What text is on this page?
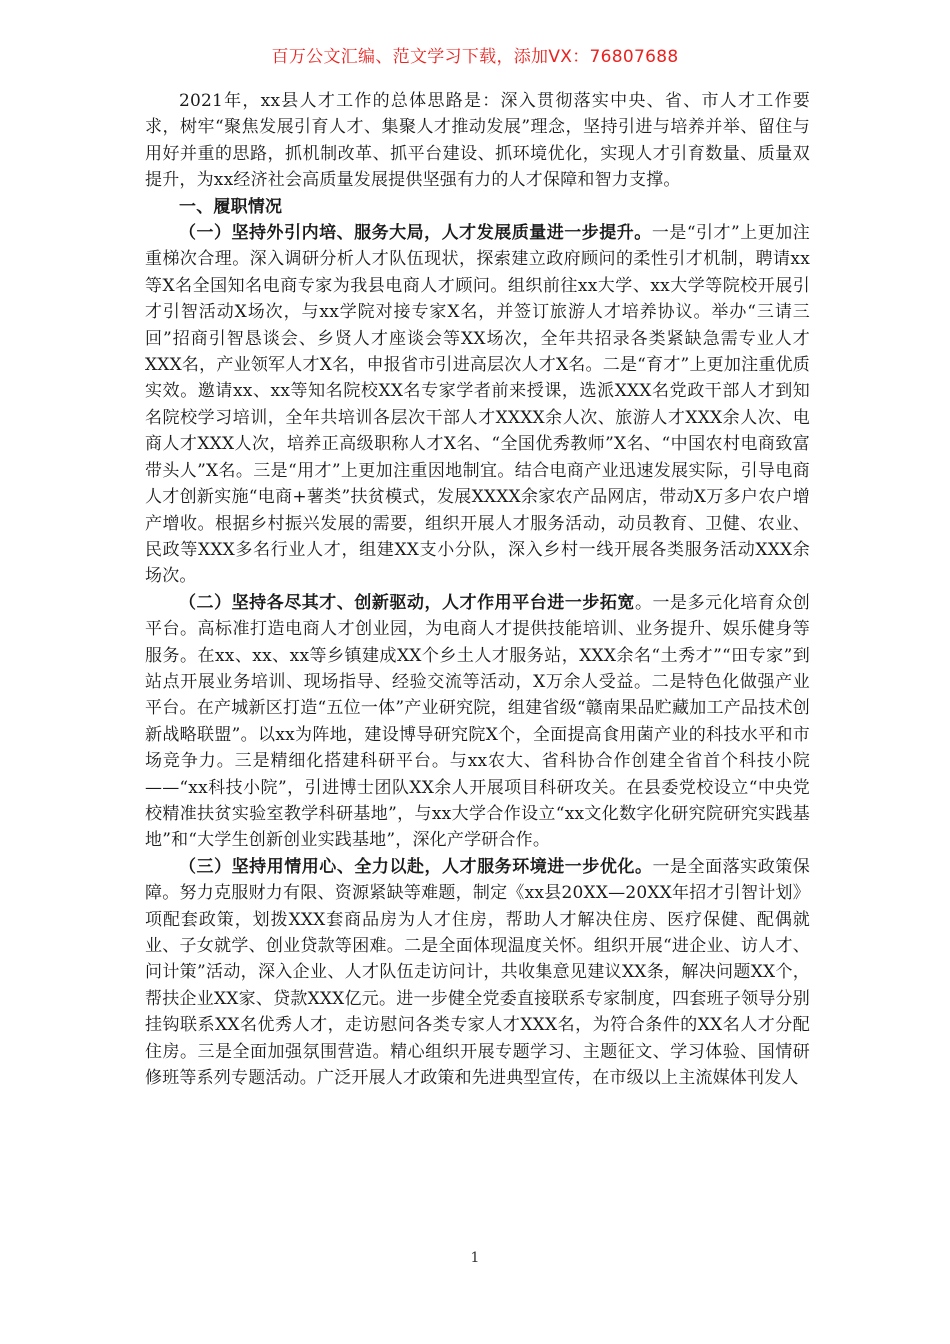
百万公文汇编、范文学习下载，添加VX：76807688

2021年，xx县人才工作的总体思路是：深入贯彻落实中央、省、市人才工作要求，树牢“聚焦发展引育人才、集聚人才推动发展”理念，坚持引进与培养并举、留住与用好并重的思路，抓机制改革、抓平台建设、抓环境优化，实现人才引育数量、质量双提升，为xx经济社会高质量发展提供坚强有力的人才保障和智力支撑。

一、履职情况

（一）坚持外引内培、服务大局，人才发展质量进一步提升。一是“引才”上更加注重梯次合理。深入调研分析人才队伍现状，探索建立政府顾问的柔性引才机制，聘请xx等X名全国知名电商专家为我县电商人才顾问。组织前往xx大学、xx大学等院校开展引才引智活动X场次，与xx学院对接专家X名，并签订旅游人才培养协议。举办“三请三回”招商引智恳谈会、乡贤人才座谈会等XX场次，全年共招录各类紧缺急需专业人才XXX名，产业领军人才X名，申报省市引进高层次人才X名。二是“育才”上更加注重优质实效。邀请xx、xx等知名院校XX名专家学者前来授课，选派XXX名党政干部人才到知名院校学习培训，全年共培训各层次干部人才XXXX余人次、旅游人才XXX余人次、电商人才XXX人次，培养正高级职称人才X名、“全国优秀教师”X名、“中国农村电商致富带头人”X名。三是“用才”上更加注重因地制宜。结合电商产业迅速发展实际，引导电商人才创新实施“电商+薯类”扶贫模式，发展XXXX余家农产品网店，带动X万多户农户增产增收。根据乡村振兴发展的需要，组织开展人才服务活动，动员教育、卫健、农业、民政等XXX多名行业人才，组建XX支小分队，深入乡村一线开展各类服务活动XXX余场次。

（二）坚持各尽其才、创新驱动，人才作用平台进一步拓宽。一是多元化培育众创平台。高标准打造电商人才创业园，为电商人才提供技能培训、业务提升、娱乐健身等服务。在xx、xx、xx等乡镇建成XX个乡土人才服务站，XXX余名“土秀才”“田专家”到站点开展业务培训、现场指导、经验交流等活动，X万余人受益。二是特色化做强产业平台。在产城新区打造“五位一体”产业研究院，组建省级“赣南果品贮藏加工产品技术创新战略联盟”。以xx为阵地，建设博导研究院X个，全面提高食用菌产业的科技水平和市场竞争力。三是精细化搭建科研平台。与xx农大、省科协合作创建全省首个科技小院——“xx科技小院”，引进博士团队XX余人开展项目科研攻关。在县委党校设立“中央党校精准扶贫实验室教学科研基地”，与xx大学合作设立“xx文化数字化研究院研究实践基地”和“大学生创新创业实践基地”，深化产学研合作。

（三）坚持用情用心、全力以赴，人才服务环境进一步优化。一是全面落实政策保障。努力克服财力有限、资源紧缺等难题，制定《xx县20XX—20XX年招才引智计划》项配套政策，划拨XXX套商品房为人才住房，帮助人才解决住房、医疗保健、配偶就业、子女就学、创业贷款等困难。二是全面体现温度关怀。组织开展“进企业、访人才、问计策”活动，深入企业、人才队伍走访问计，共收集意见建议XX条，解决问题XX个，帮扶企业XX家、贷款XXX亿元。进一步健全党委直接联系专家制度，四套班子领导分别挂钩联系XX名优秀人才，走访慰问各类专家人才XXX名，为符合条件的XX名人才分配住房。三是全面加强氛围营造。精心组织开展专题学习、主题征文、学习体验、国情研修班等系列专题活动。广泛开展人才政策和先进典型宣传，在市级以上主流媒体刊发人

1
